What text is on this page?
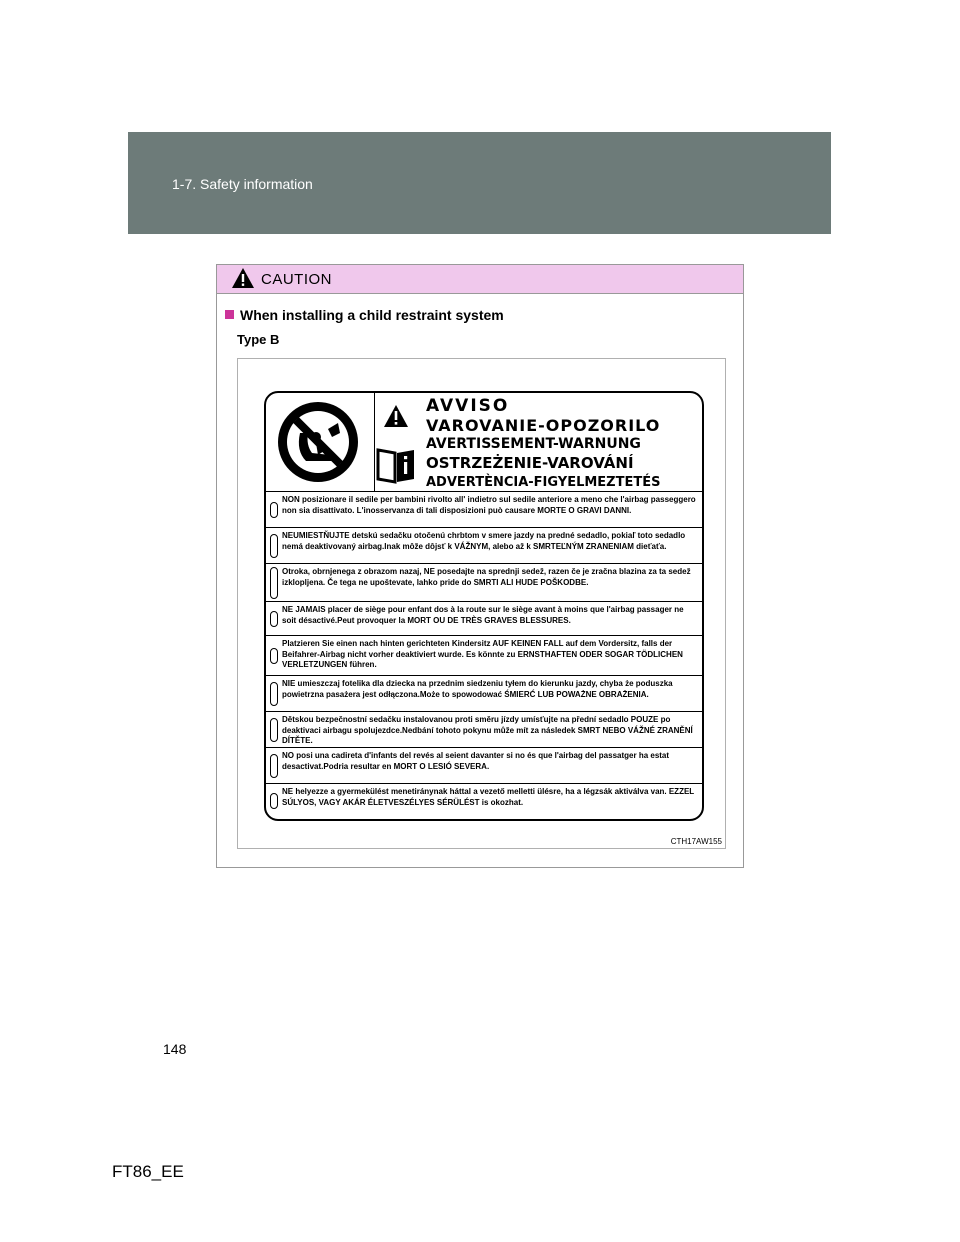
1-7. Safety information
CAUTION
When installing a child restraint system
Type B

AVVISO
VAROVANIE-OPOZORILO
AVERTISSEMENT-WARNUNG
OSTRZEŻENIE-VAROVÁNÍ
ADVERTÈNCIA-FIGYELMEZTETÉS
NON posizionare il sedile per bambini rivolto all' indietro sul sedile anteriore a meno che l'airbag passeggero non sia disattivato. L'inosservanza di tali disposizioni può causare MORTE O GRAVI DANNI.
NEUMIESTŇUJTE detskú sedačku otočenú chrbtom v smere jazdy na predné sedadlo, pokiaľ toto sedadlo nemá deaktivovaný airbag.Inak môže dôjsť k VÁŽNYM, alebo až k SMRTEĽNÝM ZRANENIAM dieťaťa.
Otroka, obrnjenega z obrazom nazaj, NE posedajte na sprednji sedež, razen če je zračna blazina za ta sedež izklopljena. Če tega ne upoštevate, lahko pride do SMRTI ALI HUDE POŠKODBE.
NE JAMAIS placer de siège pour enfant dos à la route sur le siège avant à moins que l'airbag passager ne soit désactivé.Peut provoquer la MORT OU DE TRÈS GRAVES BLESSURES.
Platzieren Sie einen nach hinten gerichteten Kindersitz AUF KEINEN FALL auf dem Vordersitz, falls der Beifahrer-Airbag nicht vorher deaktiviert wurde. Es könnte zu ERNSTHAFTEN ODER SOGAR TÖDLICHEN VERLETZUNGEN führen.
NIE umieszczaj fotelika dla dziecka na przednim siedzeniu tyłem do kierunku jazdy, chyba że poduszka powietrzna pasażera jest odłączona.Może to spowodować ŚMIERĆ LUB POWAŻNE OBRAŻENIA.
Dětskou bezpečnostní sedačku instalovanou proti směru jízdy umísťujte na přední sedadlo POUZE po deaktivaci airbagu spolujezdce.Nedbání tohoto pokynu může mít za následek SMRT NEBO VÁŽNÉ ZRANĚNÍ DÍTĚTE.
NO posi una cadireta d'infants del revés al seient davanter si no és que l'airbag del passatger ha estat desactivat.Podria resultar en MORT O LESIÓ SEVERA.
NE helyezze a gyermekülést menetiránynak háttal a vezető melletti ülésre, ha a légzsák aktiválva van. EZZEL SÚLYOS, VAGY AKÁR ÉLETVESZÉLYES SÉRÜLÉST is okozhat.
CTH17AW155
148
FT86_EE
